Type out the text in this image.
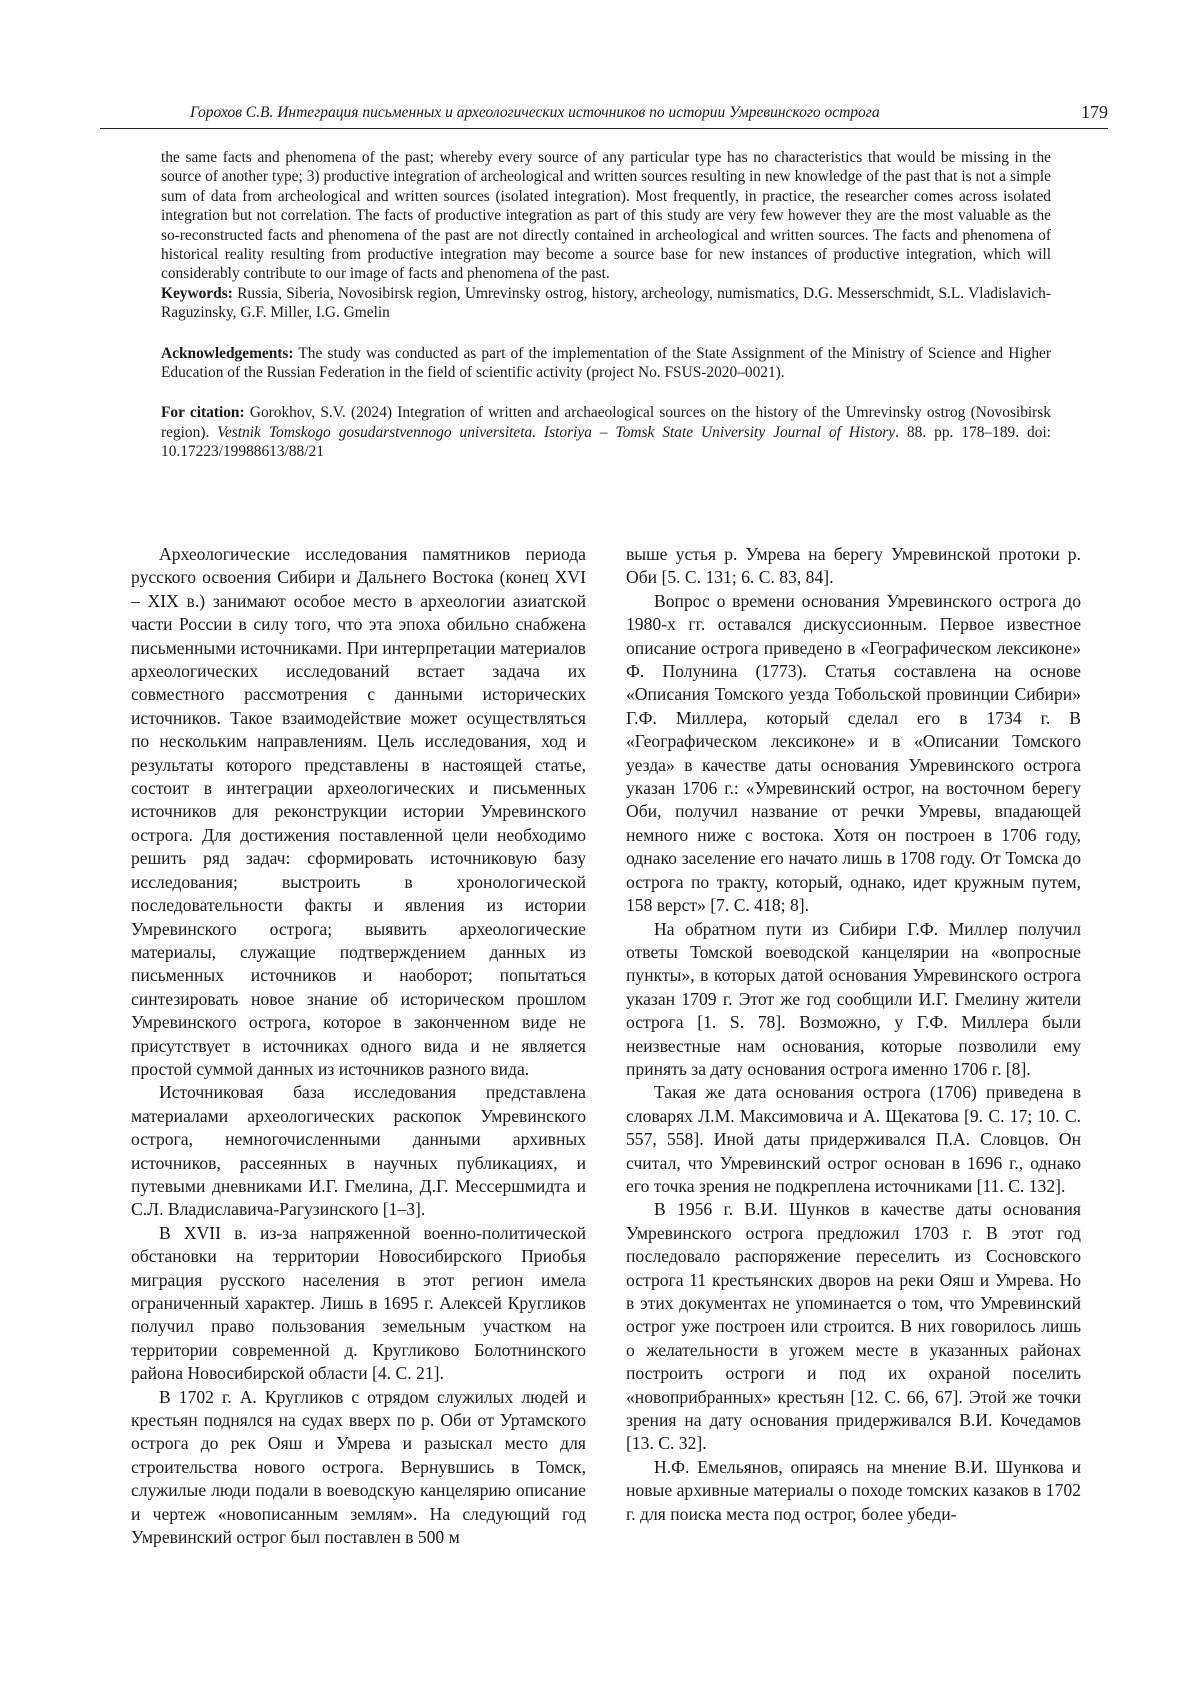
Горохов С.В. Интеграция письменных и археологических источников по истории Умревинского острога	179

the same facts and phenomena of the past; whereby every source of any particular type has no characteristics that would be missing in the source of another type; 3) productive integration of archeological and written sources resulting in new knowledge of the past that is not a simple sum of data from archeological and written sources (isolated integration). Most frequently, in practice, the researcher comes across isolated integration but not correlation. The facts of productive integration as part of this study are very few however they are the most valuable as the so-reconstructed facts and phenomena of the past are not directly contained in archeological and written sources. The facts and phenomena of historical reality resulting from productive integration may become a source base for new instances of productive integration, which will considerably contribute to our image of facts and phenomena of the past.

Keywords: Russia, Siberia, Novosibirsk region, Umrevinsky ostrog, history, archeology, numismatics, D.G. Messerschmidt, S.L. Vladislavich-Raguzinsky, G.F. Miller, I.G. Gmelin

Acknowledgements: The study was conducted as part of the implementation of the State Assignment of the Ministry of Science and Higher Education of the Russian Federation in the field of scientific activity (project No. FSUS-2020–0021).

For citation: Gorokhov, S.V. (2024) Integration of written and archaeological sources on the history of the Umrevinsky ostrog (Novosibirsk region). Vestnik Tomskogo gosudarstvennogo universiteta. Istoriya – Tomsk State University Journal of History. 88. pp. 178–189. doi: 10.17223/19988613/88/21

Археологические исследования памятников периода русского освоения Сибири и Дальнего Востока (конец XVI – XIX в.) занимают особое место в археологии азиатской части России в силу того, что эта эпоха обильно снабжена письменными источниками. При интерпретации материалов археологических исследований встает задача их совместного рассмотрения с данными исторических источников. Такое взаимодействие может осуществляться по нескольким направлениям. Цель исследования, ход и результаты которого представлены в настоящей статье, состоит в интеграции археологических и письменных источников для реконструкции истории Умревинского острога. Для достижения поставленной цели необходимо решить ряд задач: сформировать источниковую базу исследования; выстроить в хронологической последовательности факты и явления из истории Умревинского острога; выявить археологические материалы, служащие подтверждением данных из письменных источников и наоборот; попытаться синтезировать новое знание об историческом прошлом Умревинского острога, которое в законченном виде не присутствует в источниках одного вида и не является простой суммой данных из источников разного вида.

Источниковая база исследования представлена материалами археологических раскопок Умревинского острога, немногочисленными данными архивных источников, рассеянных в научных публикациях, и путевыми дневниками И.Г. Гмелина, Д.Г. Мессершмидта и С.Л. Владиславича-Рагузинского [1–3].

В XVII в. из-за напряженной военно-политической обстановки на территории Новосибирского Приобья миграция русского населения в этот регион имела ограниченный характер. Лишь в 1695 г. Алексей Кругликов получил право пользования земельным участком на территории современной д. Кругликово Болотнинского района Новосибирской области [4. С. 21].

В 1702 г. А. Кругликов с отрядом служилых людей и крестьян поднялся на судах вверх по р. Оби от Уртамского острога до рек Ояш и Умрева и разыскал место для строительства нового острога. Вернувшись в Томск, служилые люди подали в воеводскую канцелярию описание и чертеж «новописанным землям». На следующий год Умревинский острог был поставлен в 500 м

выше устья р. Умрева на берегу Умревинской протоки р. Оби [5. С. 131; 6. С. 83, 84].

Вопрос о времени основания Умревинского острога до 1980-х гг. оставался дискуссионным. Первое известное описание острога приведено в «Географическом лексиконе» Ф. Полунина (1773). Статья составлена на основе «Описания Томского уезда Тобольской провинции Сибири» Г.Ф. Миллера, который сделал его в 1734 г. В «Географическом лексиконе» и в «Описании Томского уезда» в качестве даты основания Умревинского острога указан 1706 г.: «Умревинский острог, на восточном берегу Оби, получил название от речки Умревы, впадающей немного ниже с востока. Хотя он построен в 1706 году, однако заселение его начато лишь в 1708 году. От Томска до острога по тракту, который, однако, идет кружным путем, 158 верст» [7. С. 418; 8].

На обратном пути из Сибири Г.Ф. Миллер получил ответы Томской воеводской канцелярии на «вопросные пункты», в которых датой основания Умревинского острога указан 1709 г. Этот же год сообщили И.Г. Гмелину жители острога [1. S. 78]. Возможно, у Г.Ф. Миллера были неизвестные нам основания, которые позволили ему принять за дату основания острога именно 1706 г. [8].

Такая же дата основания острога (1706) приведена в словарях Л.М. Максимовича и А. Щекатова [9. С. 17; 10. С. 557, 558]. Иной даты придерживался П.А. Словцов. Он считал, что Умревинский острог основан в 1696 г., однако его точка зрения не подкреплена источниками [11. С. 132].

В 1956 г. В.И. Шунков в качестве даты основания Умревинского острога предложил 1703 г. В этот год последовало распоряжение переселить из Сосновского острога 11 крестьянских дворов на реки Ояш и Умрева. Но в этих документах не упоминается о том, что Умревинский острог уже построен или строится. В них говорилось лишь о желательности в угожем месте в указанных районах построить остроги и под их охраной поселить «новоприбранных» крестьян [12. С. 66, 67]. Этой же точки зрения на дату основания придерживался В.И. Кочедамов [13. С. 32].

Н.Ф. Емельянов, опираясь на мнение В.И. Шункова и новые архивные материалы о походе томских казаков в 1702 г. для поиска места под острог, более убеди-
